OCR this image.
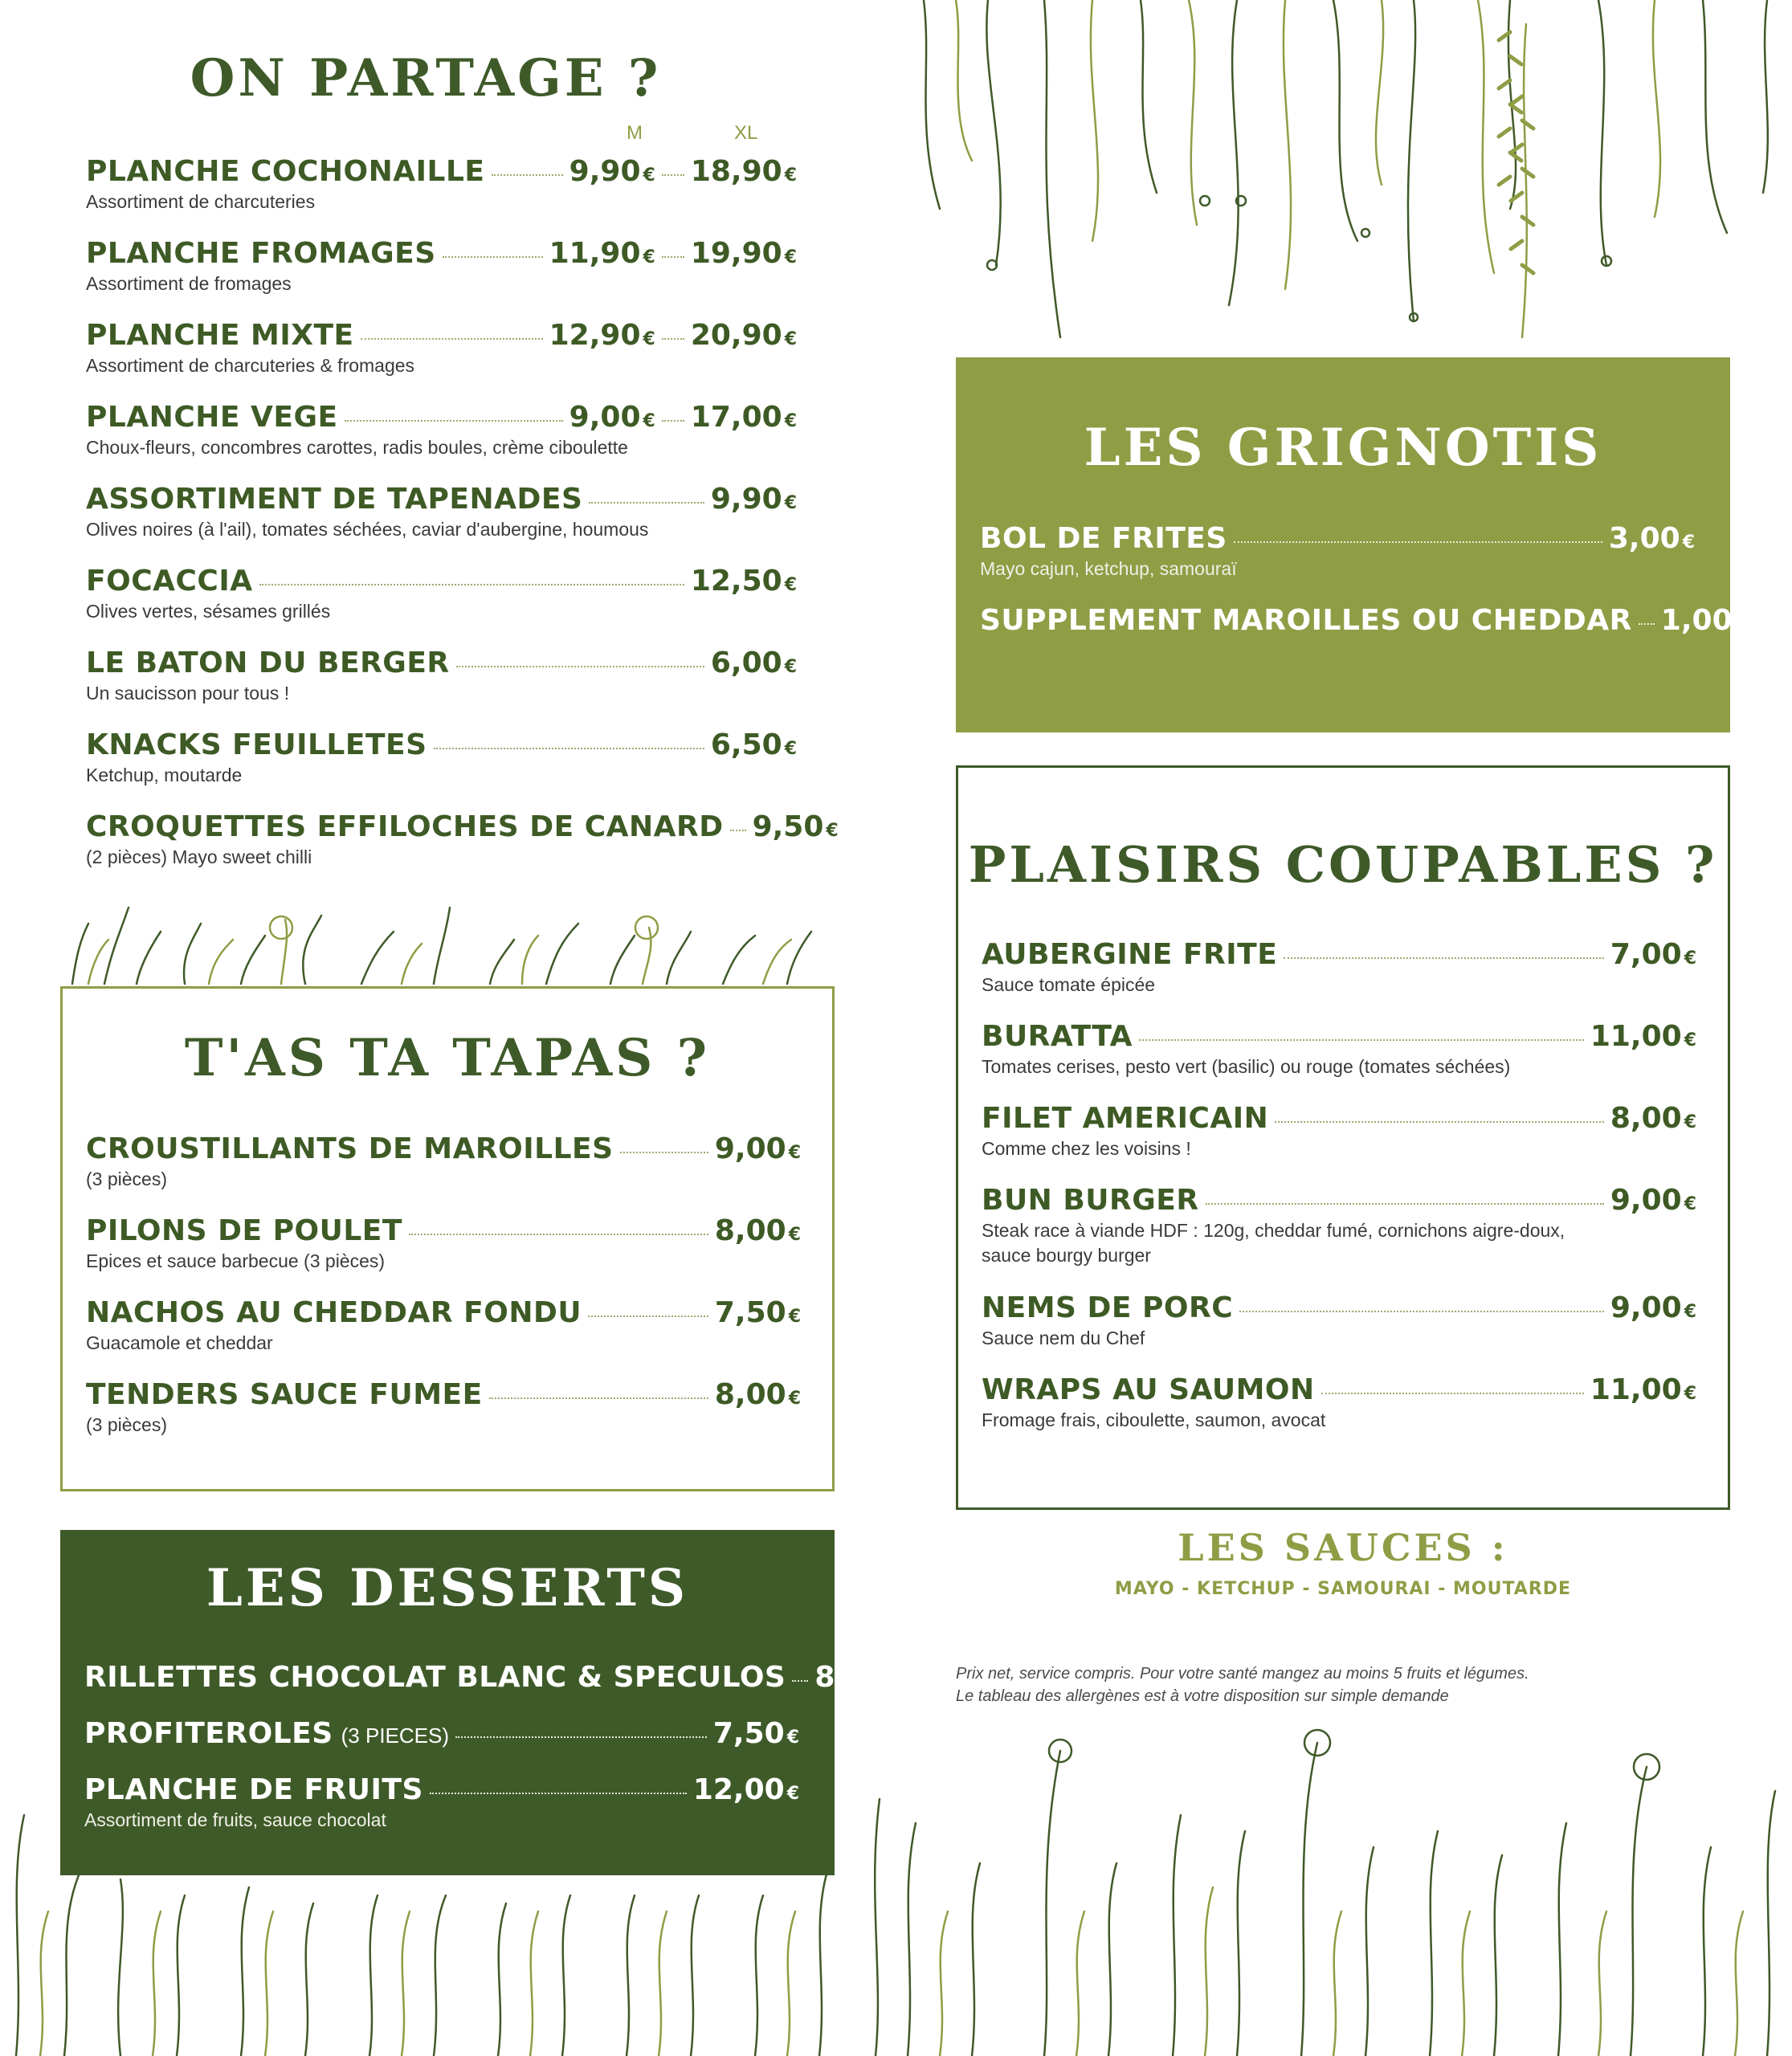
ON PARTAGE ?
M	XL
PLANCHE COCHONAILLE	9,90 € 18,90 €
Assortiment de charcuteries
PLANCHE FROMAGES	11,90 € 19,90 €
Assortiment de fromages
PLANCHE MIXTE	12,90 € 20,90 €
Assortiment de charcuteries & fromages
PLANCHE VEGE	9,00 € 17,00 €
Choux-fleurs, concombres carottes, radis boules, crème ciboulette
ASSORTIMENT DE TAPENADES	9,90 €
Olives noires (à l'ail), tomates séchées, caviar d'aubergine, houmous
FOCACCIA	12,50 €
Olives vertes, sésames grillés
LE BATON DU BERGER	6,00 €
Un saucisson pour tous !
KNACKS FEUILLETES	6,50 €
Ketchup, moutarde
CROQUETTES EFFILOCHES DE CANARD 9,50 €
(2 pièces) Mayo sweet chilli
LES GRIGNOTIS
BOL DE FRITES	3,00 €
Mayo cajun, ketchup, samouraï
SUPPLEMENT MAROILLES OU CHEDDAR 1,00 €
PLAISIRS COUPABLES ?
AUBERGINE FRITE	7,00 €
Sauce tomate épicée
BURATTA	11,00 €
Tomates cerises, pesto vert (basilic) ou rouge (tomates séchées)
FILET AMERICAIN	8,00 €
Comme chez les voisins !
BUN BURGER	9,00 €
Steak race à viande HDF : 120g, cheddar fumé, cornichons aigre-doux,
sauce bourgy burger
NEMS DE PORC	9,00 €
Sauce nem du Chef
WRAPS AU SAUMON	11,00 €
Fromage frais, ciboulette, saumon, avocat
T'AS TA TAPAS ?
CROUSTILLANTS DE MAROILLES	9,00 €
(3 pièces)
PILONS DE POULET	8,00 €
Epices et sauce barbecue (3 pièces)
NACHOS AU CHEDDAR FONDU	7,50 €
Guacamole et cheddar
TENDERS SAUCE FUMEE	8,00 €
(3 pièces)
LES DESSERTS
RILLETTES CHOCOLAT BLANC & SPECULOS 8,00 €
PROFITEROLES (3 PIECES)	7,50 €
PLANCHE DE FRUITS	12,00 €
Assortiment de fruits, sauce chocolat
LES SAUCES :
MAYO - KETCHUP - SAMOURAI - MOUTARDE
Prix net, service compris. Pour votre santé mangez au moins 5 fruits et légumes.
Le tableau des allergènes est à votre disposition sur simple demande
